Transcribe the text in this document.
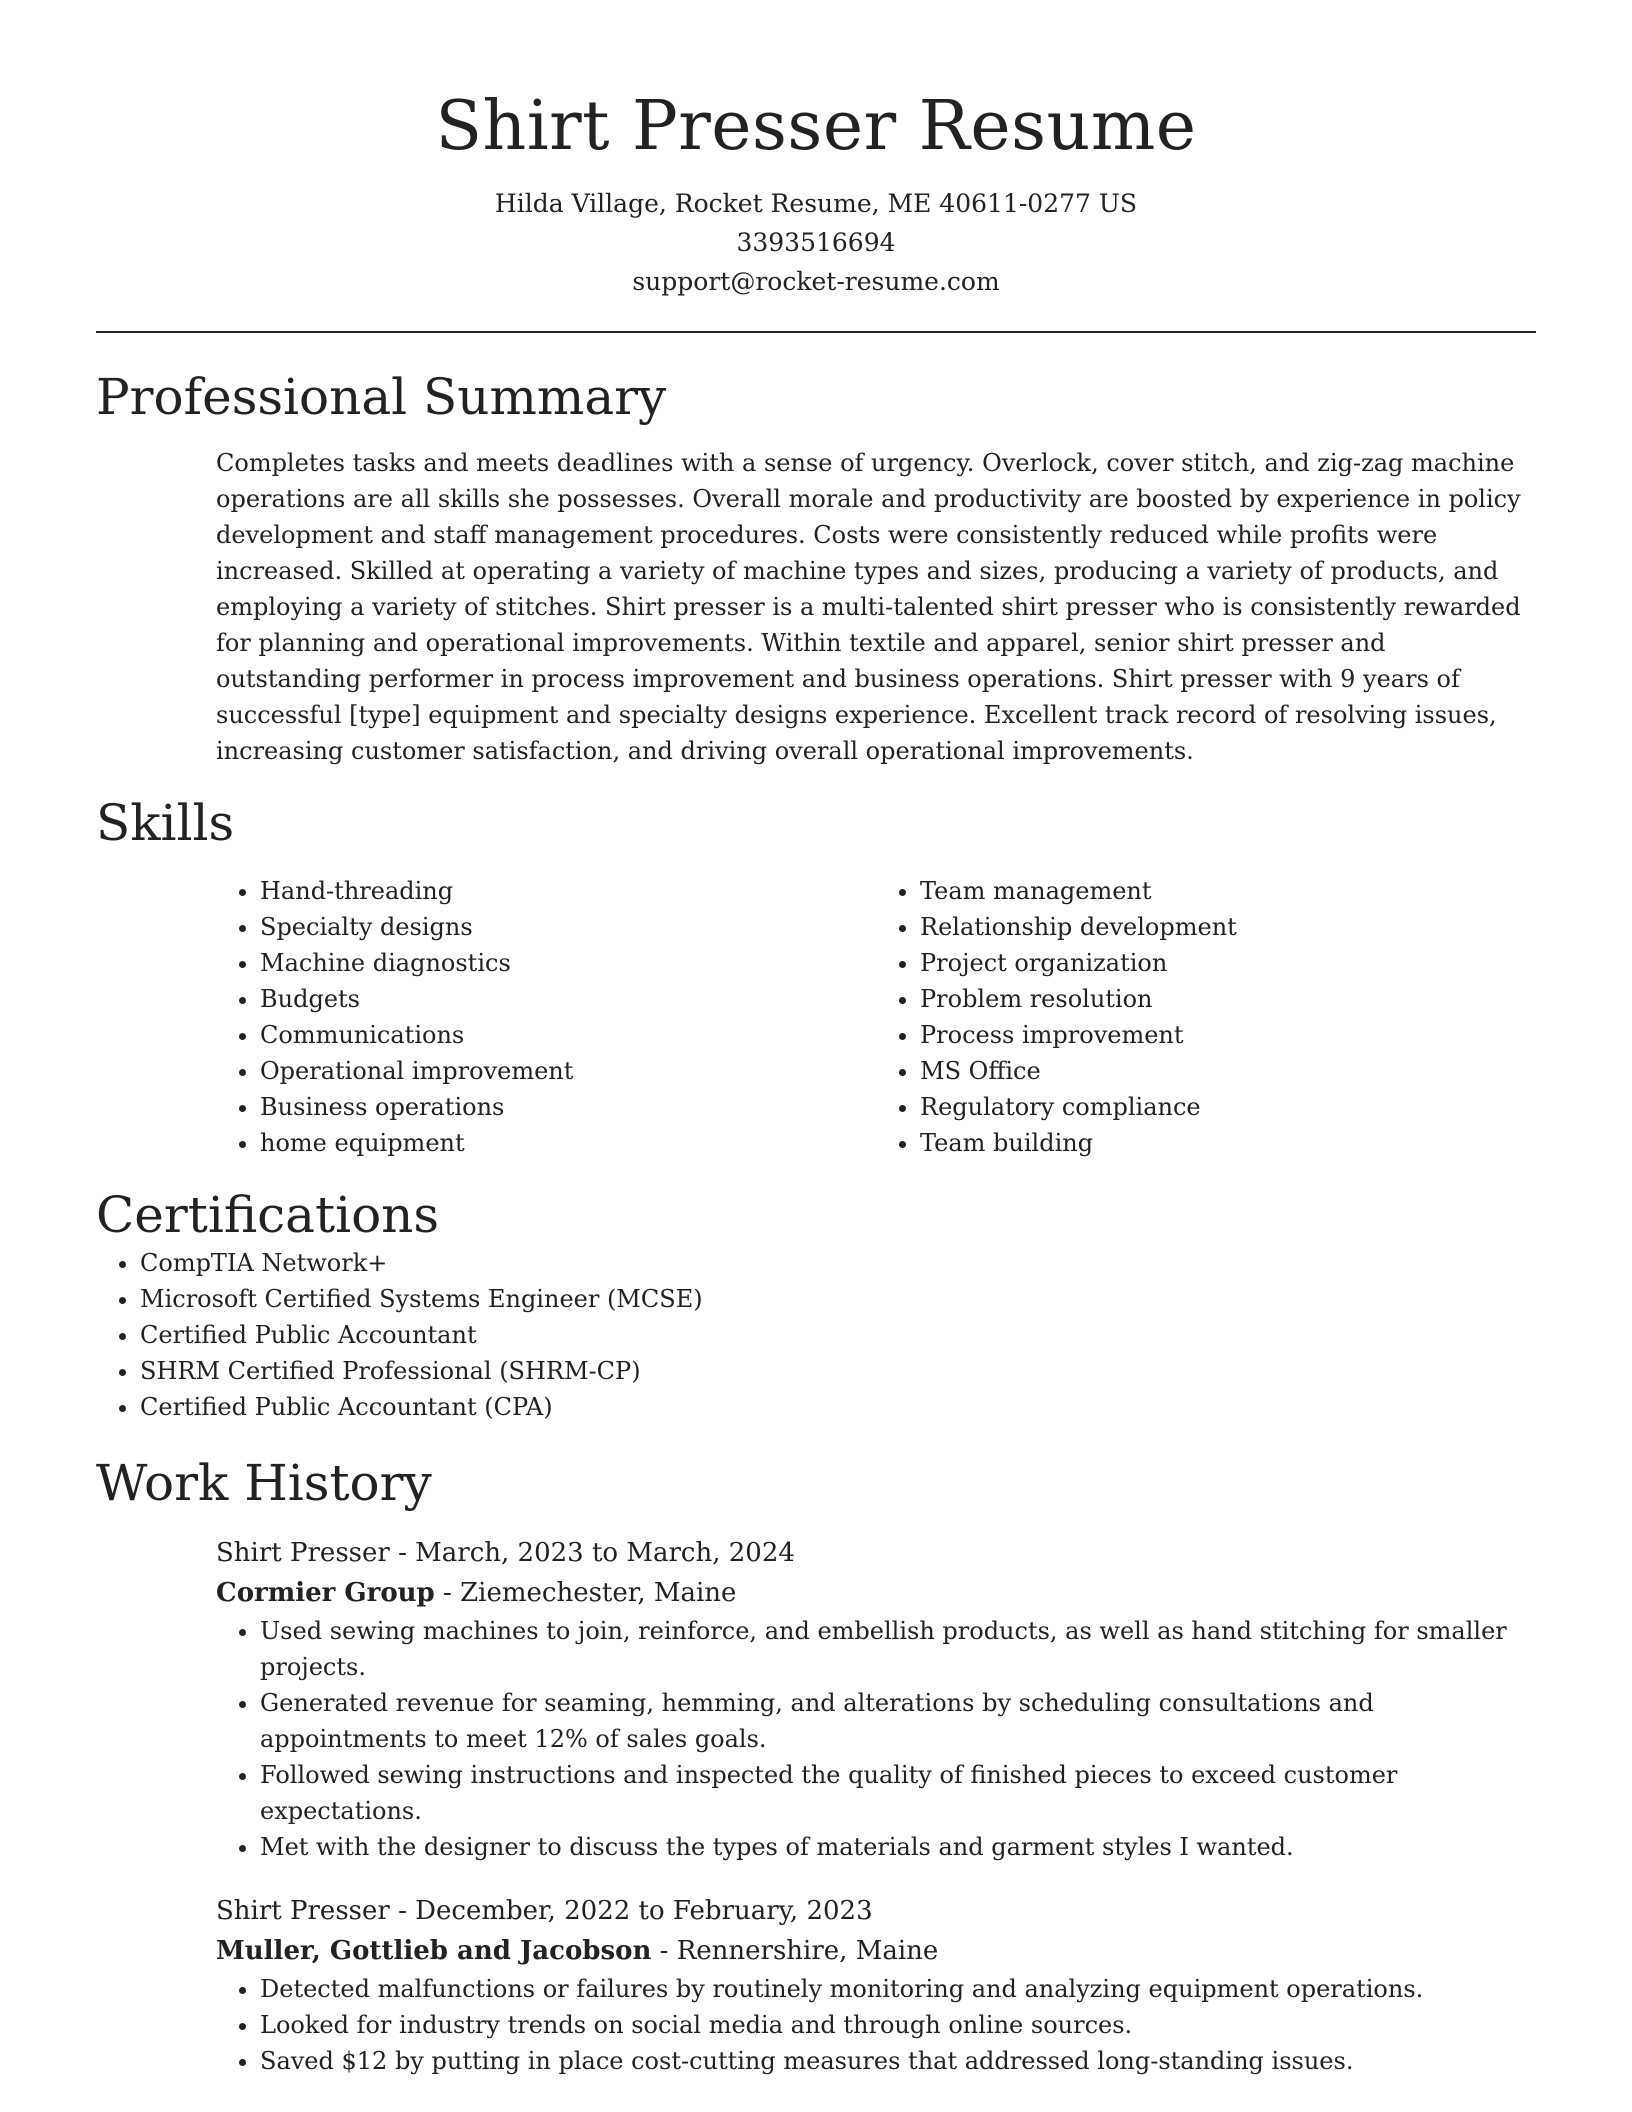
Shirt Presser Resume
Hilda Village, Rocket Resume, ME 40611-0277 US
3393516694
support@rocket-resume.com
Professional Summary

Completes tasks and meets deadlines with a sense of urgency. Overlock, cover stitch, and zig-zag machine operations are all skills she possesses. Overall morale and productivity are boosted by experience in policy development and staff management procedures. Costs were consistently reduced while profits were increased. Skilled at operating a variety of machine types and sizes, producing a variety of products, and employing a variety of stitches. Shirt presser is a multi-talented shirt presser who is consistently rewarded for planning and operational improvements. Within textile and apparel, senior shirt presser and outstanding performer in process improvement and business operations. Shirt presser with 9 years of successful [type] equipment and specialty designs experience. Excellent track record of resolving issues, increasing customer satisfaction, and driving overall operational improvements.

Skills
• Hand-threading
• Specialty designs
• Machine diagnostics
• Budgets
• Communications
• Operational improvement
• Business operations
• home equipment
• Team management
• Relationship development
• Project organization
• Problem resolution
• Process improvement
• MS Office
• Regulatory compliance
• Team building
Certifications
• CompTIA Network+
• Microsoft Certified Systems Engineer (MCSE)
• Certified Public Accountant
• SHRM Certified Professional (SHRM-CP)
• Certified Public Accountant (CPA)
Work History
Shirt Presser - March, 2023 to March, 2024
Cormier Group - Ziemechester, Maine
• Used sewing machines to join, reinforce, and embellish products, as well as hand stitching for smaller projects.
• Generated revenue for seaming, hemming, and alterations by scheduling consultations and appointments to meet 12% of sales goals.
• Followed sewing instructions and inspected the quality of finished pieces to exceed customer expectations.
• Met with the designer to discuss the types of materials and garment styles I wanted.
Shirt Presser - December, 2022 to February, 2023
Muller, Gottlieb and Jacobson - Rennershire, Maine
• Detected malfunctions or failures by routinely monitoring and analyzing equipment operations.
• Looked for industry trends on social media and through online sources.
• Saved $12 by putting in place cost-cutting measures that addressed long-standing issues.
